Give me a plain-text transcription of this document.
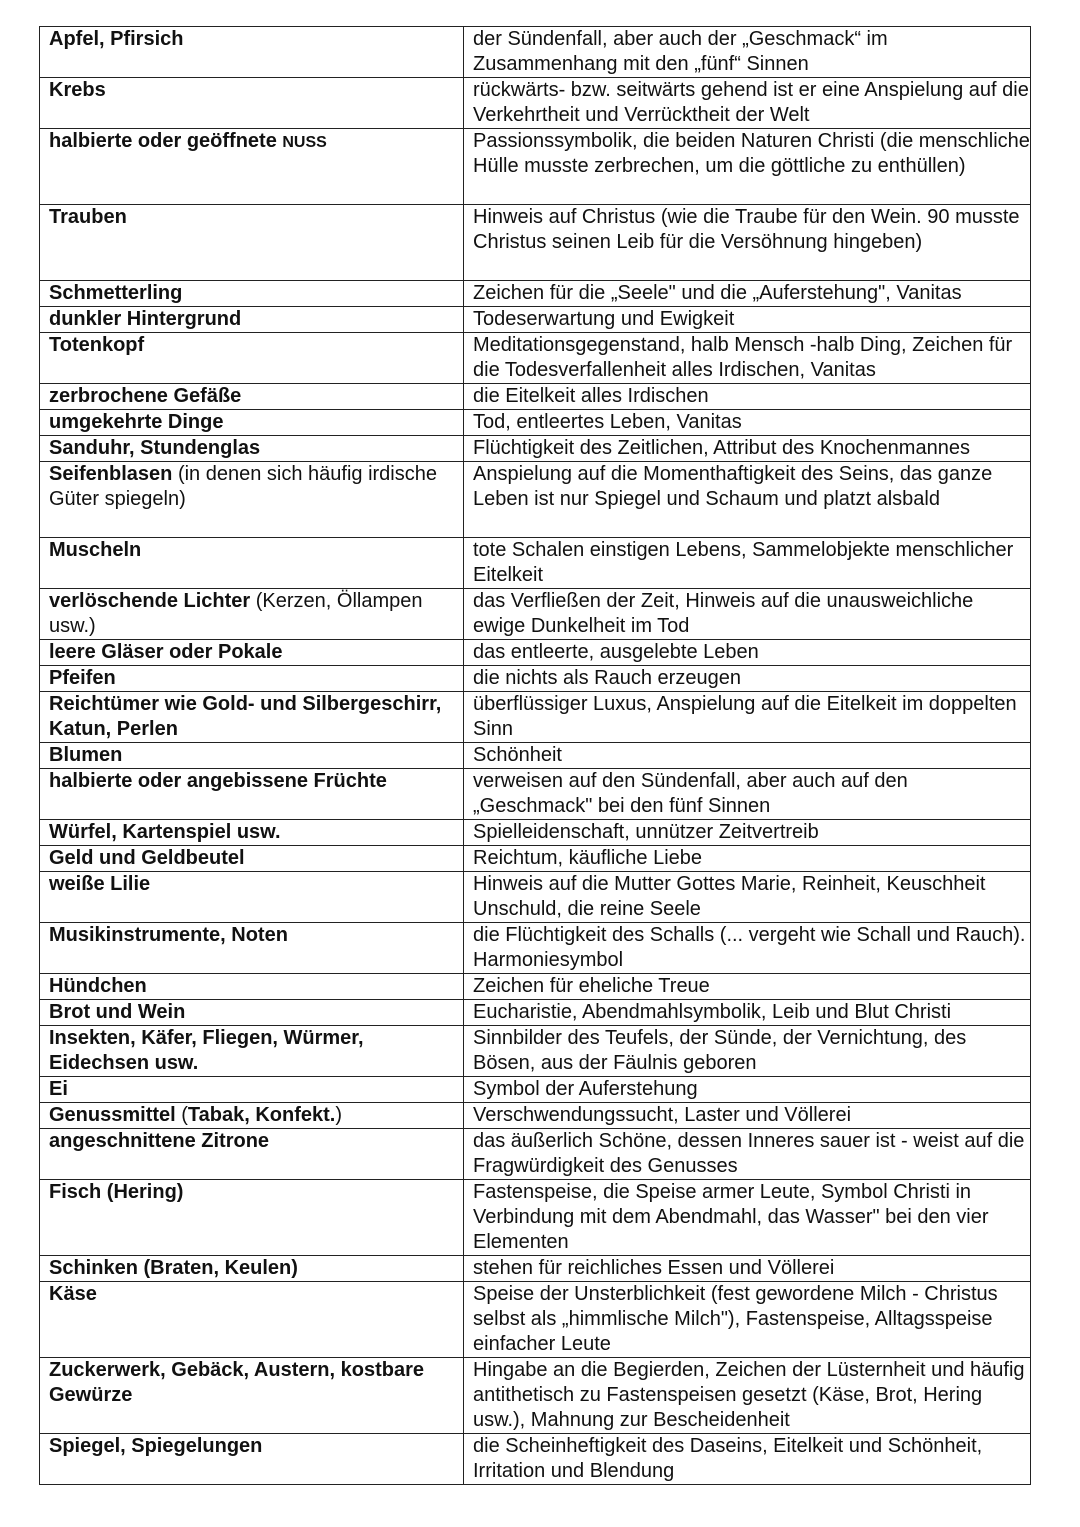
Apfel, Pfirsich	der Sündenfall, aber auch der „Geschmack“ im Zusammenhang mit den „fünf“ Sinnen
Krebs	rückwärts- bzw. seitwärts gehend ist er eine Anspielung auf die Verkehrtheit und Verrücktheit der Welt
halbierte oder geöffnete NUSS	Passionssymbolik, die beiden Naturen Christi (die menschliche Hülle musste zerbrechen, um die göttliche zu enthüllen)
Trauben	Hinweis auf Christus (wie die Traube für den Wein. 90 musste Christus seinen Leib für die Versöhnung hingeben)
Schmetterling	Zeichen für die „Seele" und die „Auferstehung", Vanitas
dunkler Hintergrund	Todeserwartung und Ewigkeit
Totenkopf	Meditationsgegenstand, halb Mensch -halb Ding, Zeichen für die Todesverfallenheit alles Irdischen, Vanitas
zerbrochene Gefäße	die Eitelkeit alles Irdischen
umgekehrte Dinge	Tod, entleertes Leben, Vanitas
Sanduhr, Stundenglas	Flüchtigkeit des Zeitlichen, Attribut des Knochenmannes
Seifenblasen (in denen sich häufig irdische Güter spiegeln)	Anspielung auf die Momenthaftigkeit des Seins, das ganze Leben ist nur Spiegel und Schaum und platzt alsbald
Muscheln	tote Schalen einstigen Lebens, Sammelobjekte menschlicher Eitelkeit
verlöschende Lichter (Kerzen, Öllampen usw.)	das Verfließen der Zeit, Hinweis auf die unausweichliche ewige Dunkelheit im Tod
leere Gläser oder Pokale	das entleerte, ausgelebte Leben
Pfeifen	die nichts als Rauch erzeugen
Reichtümer wie Gold- und Silbergeschirr, Katun, Perlen	überflüssiger Luxus, Anspielung auf die Eitelkeit im doppelten Sinn
Blumen	Schönheit
halbierte oder angebissene Früchte	verweisen auf den Sündenfall, aber auch auf den „Geschmack" bei den fünf Sinnen
Würfel, Kartenspiel usw.	Spielleidenschaft, unnützer Zeitvertreib
Geld und Geldbeutel	Reichtum, käufliche Liebe
weiße Lilie	Hinweis auf die Mutter Gottes Marie, Reinheit, Keuschheit Unschuld, die reine Seele
Musikinstrumente, Noten	die Flüchtigkeit des Schalls (... vergeht wie Schall und Rauch). Harmoniesymbol
Hündchen	Zeichen für eheliche Treue
Brot und Wein	Eucharistie, Abendmahlsymbolik, Leib und Blut Christi
Insekten, Käfer, Fliegen, Würmer, Eidechsen usw.	Sinnbilder des Teufels, der Sünde, der Vernichtung, des Bösen, aus der Fäulnis geboren
Ei	Symbol der Auferstehung
Genussmittel (Tabak, Konfekt.)	Verschwendungssucht, Laster und Völlerei
angeschnittene Zitrone	das äußerlich Schöne, dessen Inneres sauer ist - weist auf die Fragwürdigkeit des Genusses
Fisch (Hering)	Fastenspeise, die Speise armer Leute, Symbol Christi in Verbindung mit dem Abendmahl, das Wasser" bei den vier Elementen
Schinken (Braten, Keulen)	stehen für reichliches Essen und Völlerei
Käse	Speise der Unsterblichkeit (fest gewordene Milch - Christus selbst als „himmlische Milch"), Fastenspeise, Alltagsspeise einfacher Leute
Zuckerwerk, Gebäck, Austern, kostbare Gewürze	Hingabe an die Begierden, Zeichen der Lüsternheit und häufig antithetisch zu Fastenspeisen gesetzt (Käse, Brot, Hering usw.), Mahnung zur Bescheidenheit
Spiegel, Spiegelungen	die Scheinheftigkeit des Daseins, Eitelkeit und Schönheit, Irritation und Blendung
